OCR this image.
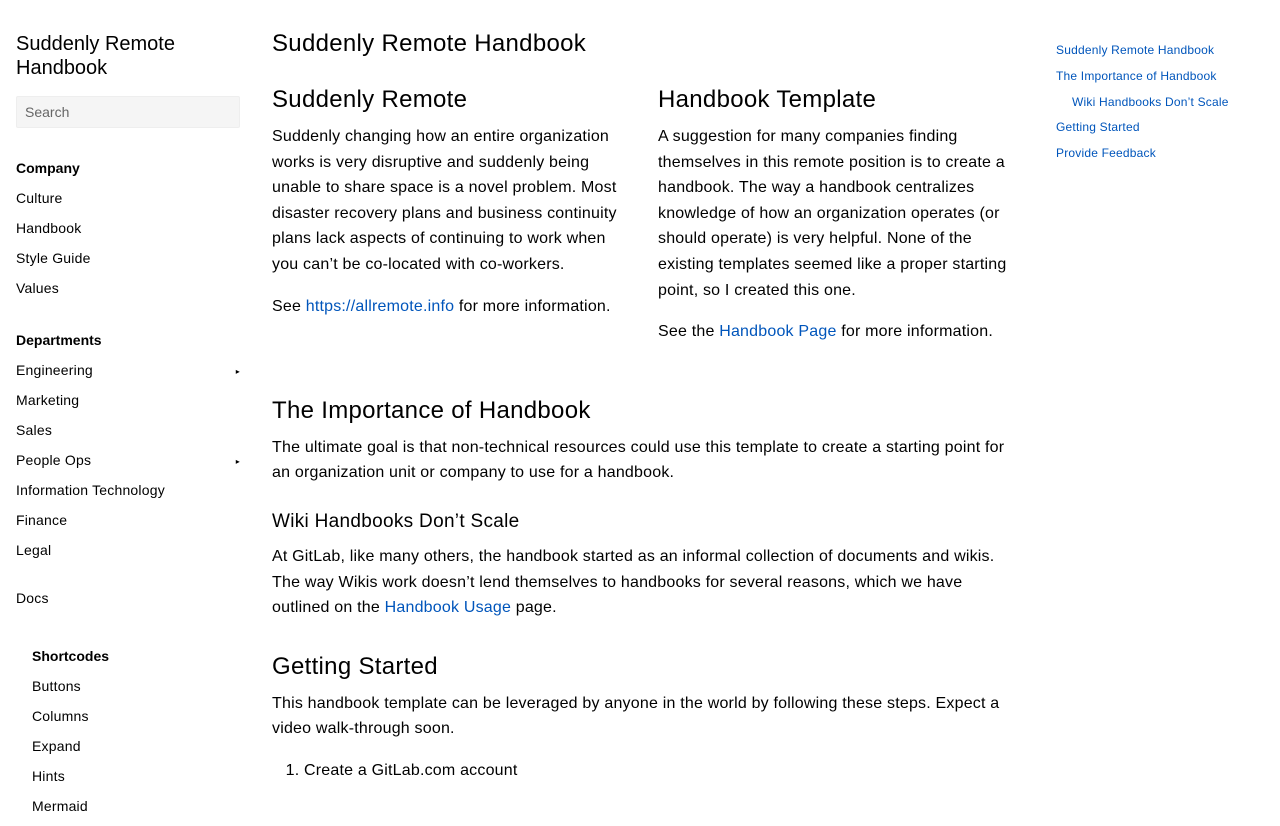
Suddenly Remote Handbook
Search
Company
Culture
Handbook
Style Guide
Values
Departments
Engineering	▸
Marketing
Sales
People Ops	▸
Information Technology
Finance
Legal
Docs
Shortcodes
Buttons
Columns
Expand
Hints
Mermaid
Suddenly Remote Handbook
Suddenly Remote

Suddenly changing how an entire organization works is very disruptive and suddenly being unable to share space is a novel problem. Most disaster recovery plans and business continuity plans lack aspects of continuing to work when you can’t be co-located with co-workers.

See https://allremote.info for more information.

Handbook Template

A suggestion for many companies finding themselves in this remote position is to create a handbook. The way a handbook centralizes knowledge of how an organization operates (or should operate) is very helpful. None of the existing templates seemed like a proper starting point, so I created this one.

See the Handbook Page for more information.

The Importance of Handbook

The ultimate goal is that non-technical resources could use this template to create a starting point for an organization unit or company to use for a handbook.

Wiki Handbooks Don’t Scale

At GitLab, like many others, the handbook started as an informal collection of documents and wikis. The way Wikis work doesn’t lend themselves to handbooks for several reasons, which we have outlined on the Handbook Usage page.

Getting Started

This handbook template can be leveraged by anyone in the world by following these steps. Expect a video walk-through soon.

1. Create a GitLab.com account
Suddenly Remote Handbook
The Importance of Handbook
Wiki Handbooks Don’t Scale
Getting Started
Provide Feedback
